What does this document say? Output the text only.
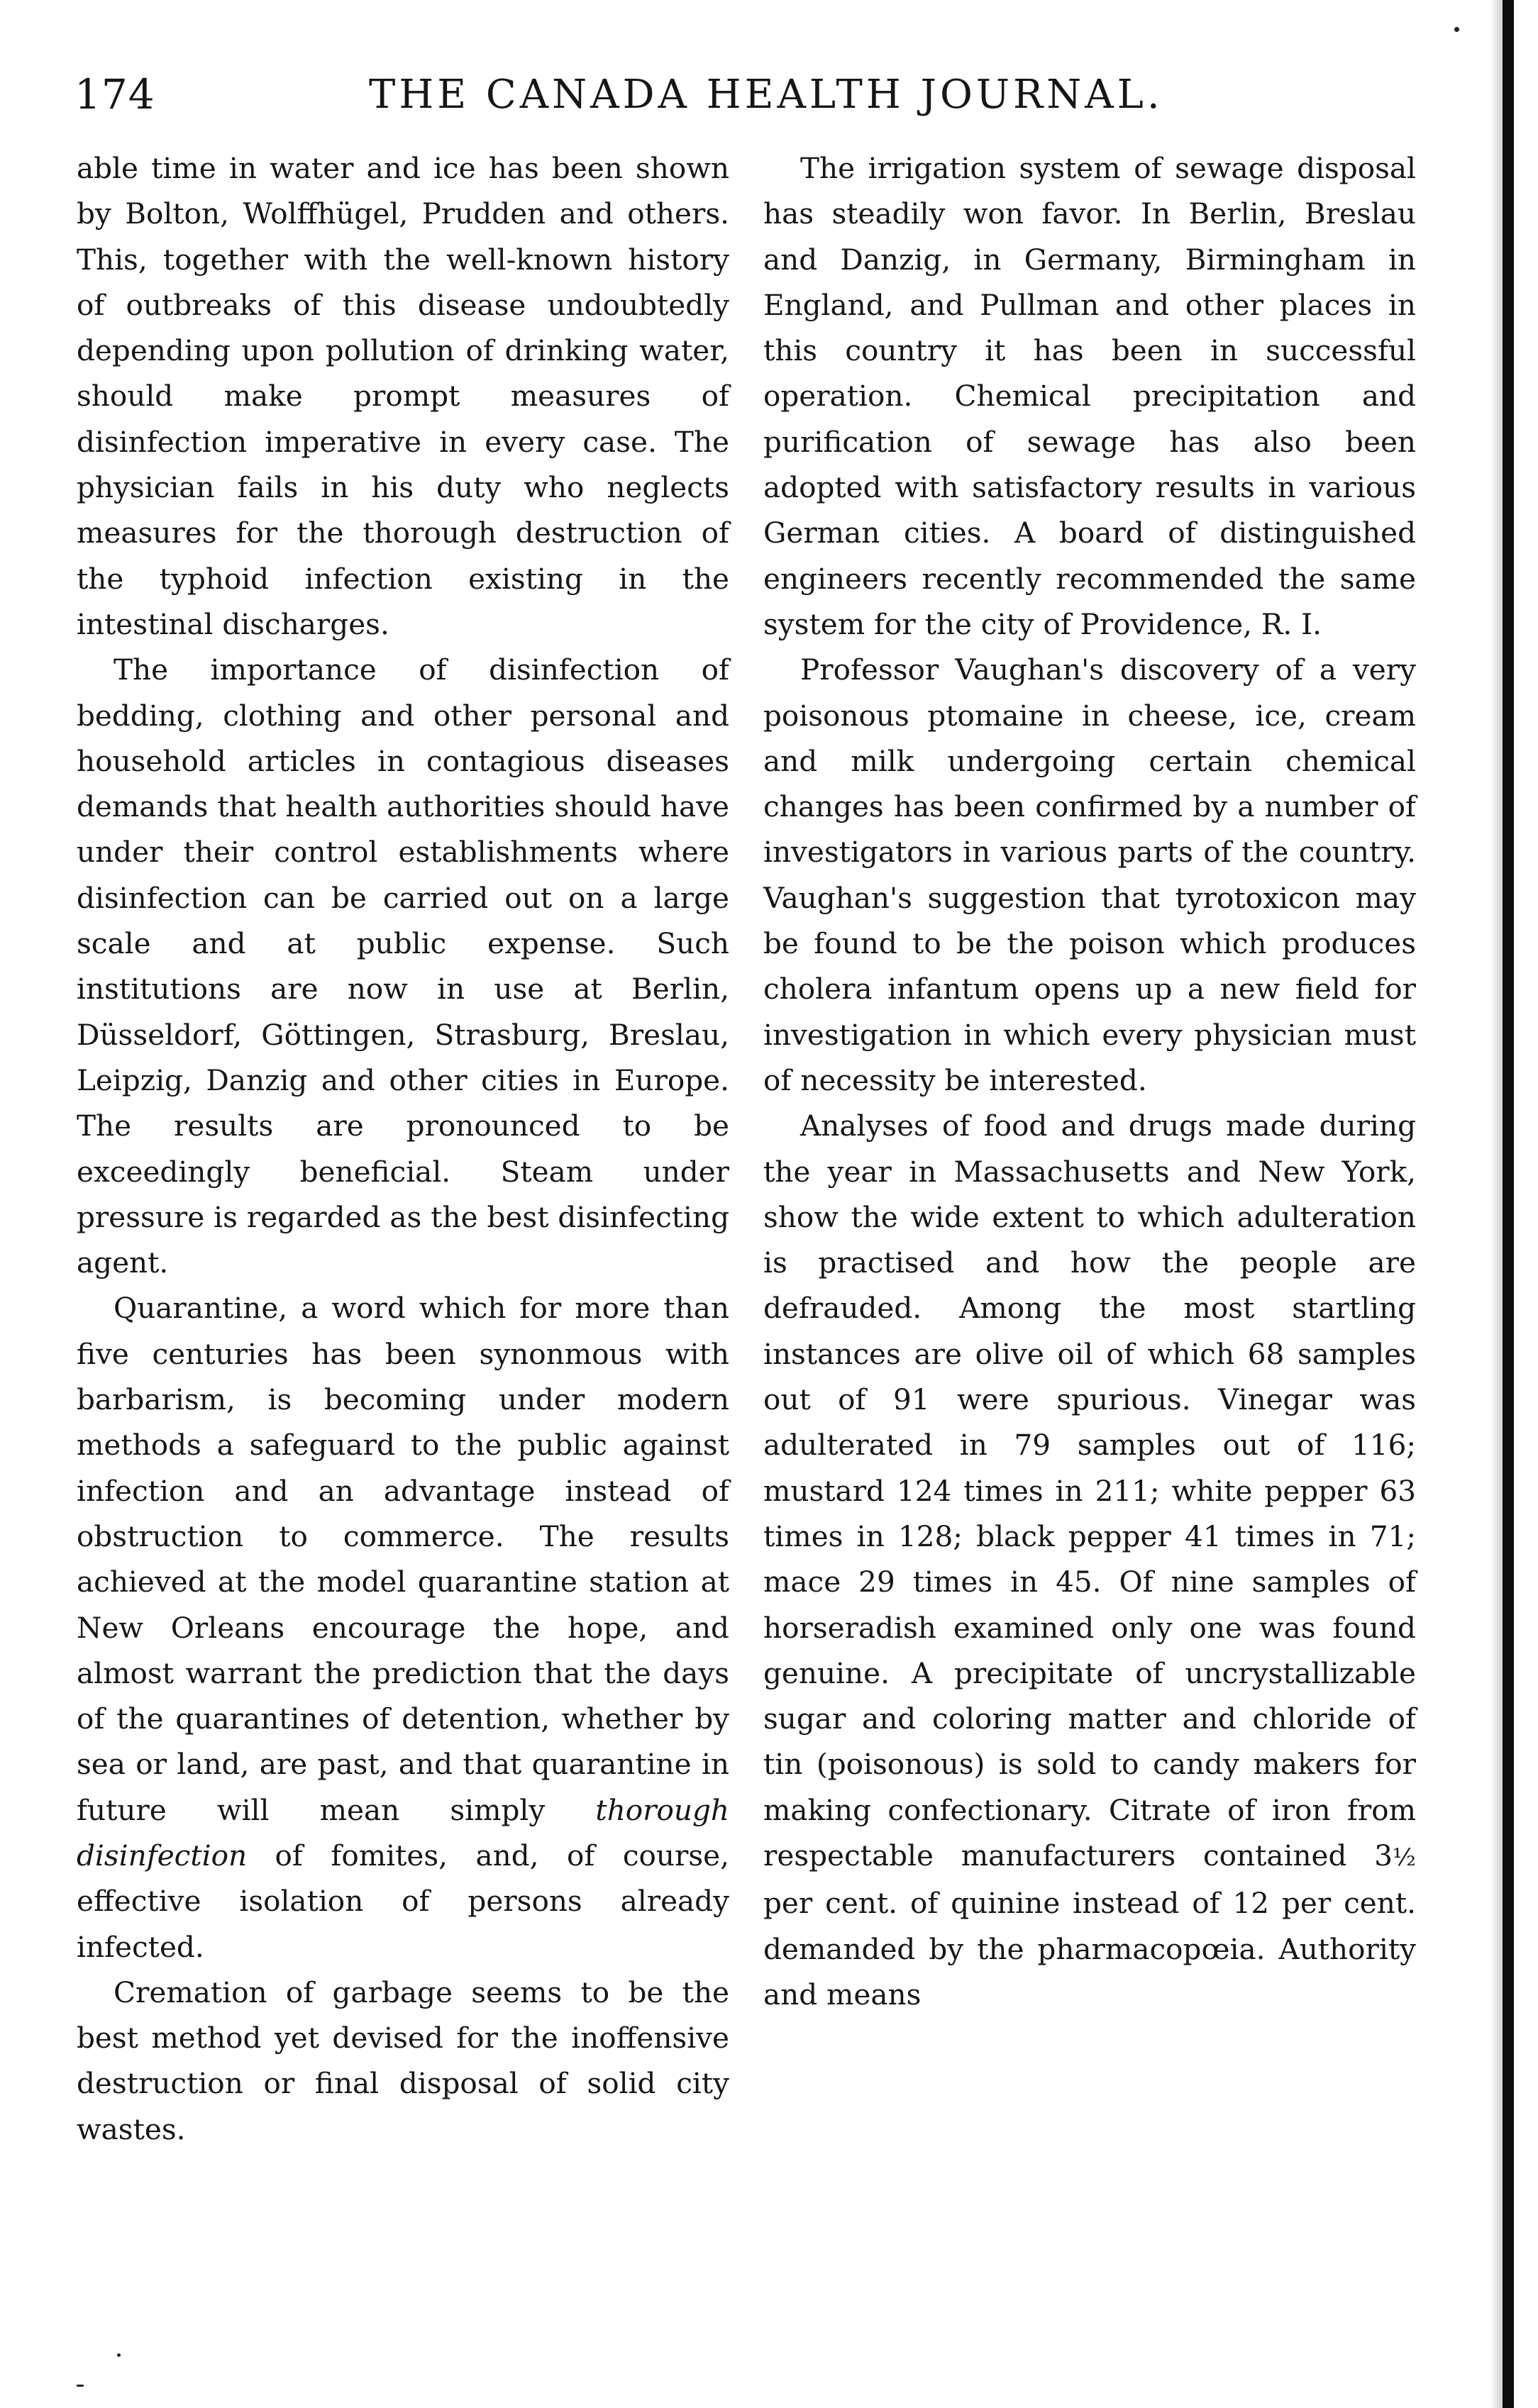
174	THE CANADA HEALTH JOURNAL.

able time in water and ice has been shown by Bolton, Wolffhügel, Prudden and others. This, together with the well-known history of outbreaks of this disease undoubtedly depending upon pollution of drinking water, should make prompt measures of disinfection imperative in every case. The physician fails in his duty who neglects measures for the thorough destruction of the typhoid infection existing in the intestinal discharges.

The importance of disinfection of bedding, clothing and other personal and household articles in contagious diseases demands that health authorities should have under their control establishments where disinfection can be carried out on a large scale and at public expense. Such institutions are now in use at Berlin, Düsseldorf, Göttingen, Strasburg, Breslau, Leipzig, Danzig and other cities in Europe. The results are pronounced to be exceedingly beneficial. Steam under pressure is regarded as the best disinfecting agent.

Quarantine, a word which for more than five centuries has been synonmous with barbarism, is becoming under modern methods a safeguard to the public against infection and an advantage instead of obstruction to commerce. The results achieved at the model quarantine station at New Orleans encourage the hope, and almost warrant the prediction that the days of the quarantines of detention, whether by sea or land, are past, and that quarantine in future will mean simply thorough disinfection of fomites, and, of course, effective isolation of persons already infected.

Cremation of garbage seems to be the best method yet devised for the inoffensive destruction or final disposal of solid city wastes.

The irrigation system of sewage disposal has steadily won favor. In Berlin, Breslau and Danzig, in Germany, Birmingham in England, and Pullman and other places in this country it has been in successful operation. Chemical precipitation and purification of sewage has also been adopted with satisfactory results in various German cities. A board of distinguished engineers recently recommended the same system for the city of Providence, R. I.

Professor Vaughan's discovery of a very poisonous ptomaine in cheese, ice, cream and milk undergoing certain chemical changes has been confirmed by a number of investigators in various parts of the country. Vaughan's suggestion that tyrotoxicon may be found to be the poison which produces cholera infantum opens up a new field for investigation in which every physician must of necessity be interested.

Analyses of food and drugs made during the year in Massachusetts and New York, show the wide extent to which adulteration is practised and how the people are defrauded. Among the most startling instances are olive oil of which 68 samples out of 91 were spurious. Vinegar was adulterated in 79 samples out of 116; mustard 124 times in 211; white pepper 63 times in 128; black pepper 41 times in 71; mace 29 times in 45. Of nine samples of horseradish examined only one was found genuine. A precipitate of uncrystallizable sugar and coloring matter and chloride of tin (poisonous) is sold to candy makers for making confectionary. Citrate of iron from respectable manufacturers contained 3½ per cent. of quinine instead of 12 per cent. demanded by the pharmacopœia. Authority and means
